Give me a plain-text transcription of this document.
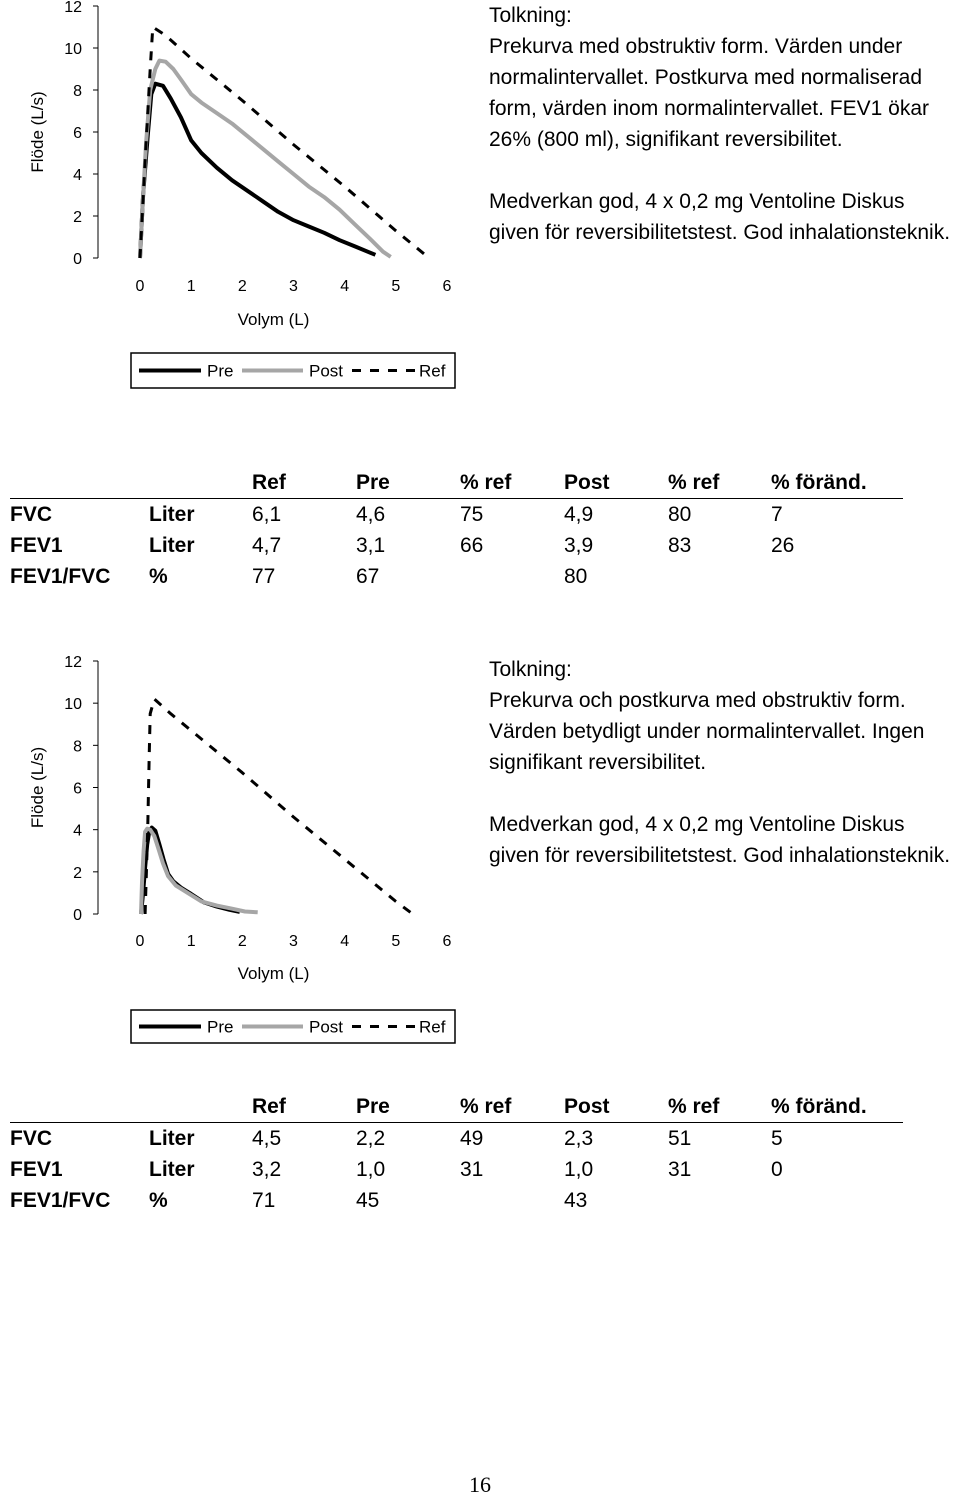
0
2
4
6
8
10
12
0	1	2	3	4	5	6
Volym (L)
Flöde (L/s)
Pre	Post	Ref

Tolkning:

Prekurva med obstruktiv form. Värden under normalintervallet. Postkurva med normaliserad form, värden inom normalintervallet. FEV1 ökar 26% (800 ml), signifikant reversibilitet.

Medverkan god, 4 x 0,2 mg Ventoline Diskus given för reversibilitetstest. God inhalationsteknik.

		Ref	Pre	% ref	Post	% ref	% föränd.
FVC	Liter	6,1	4,6	75	4,9	80	7
FEV1	Liter	4,7	3,1	66	3,9	83	26
FEV1/FVC	%	77	67		80		
0
2
4
6
8
10
12
0	1	2	3	4	5	6
Volym (L)
Flöde (L/s)
Pre	Post	Ref

Tolkning:

Prekurva och postkurva med obstruktiv form. Värden betydligt under normalintervallet. Ingen signifikant reversibilitet.

Medverkan god, 4 x 0,2 mg Ventoline Diskus given för reversibilitetstest. God inhalationsteknik.

		Ref	Pre	% ref	Post	% ref	% föränd.
FVC	Liter	4,5	2,2	49	2,3	51	5
FEV1	Liter	3,2	1,0	31	1,0	31	0
FEV1/FVC	%	71	45		43		
16
